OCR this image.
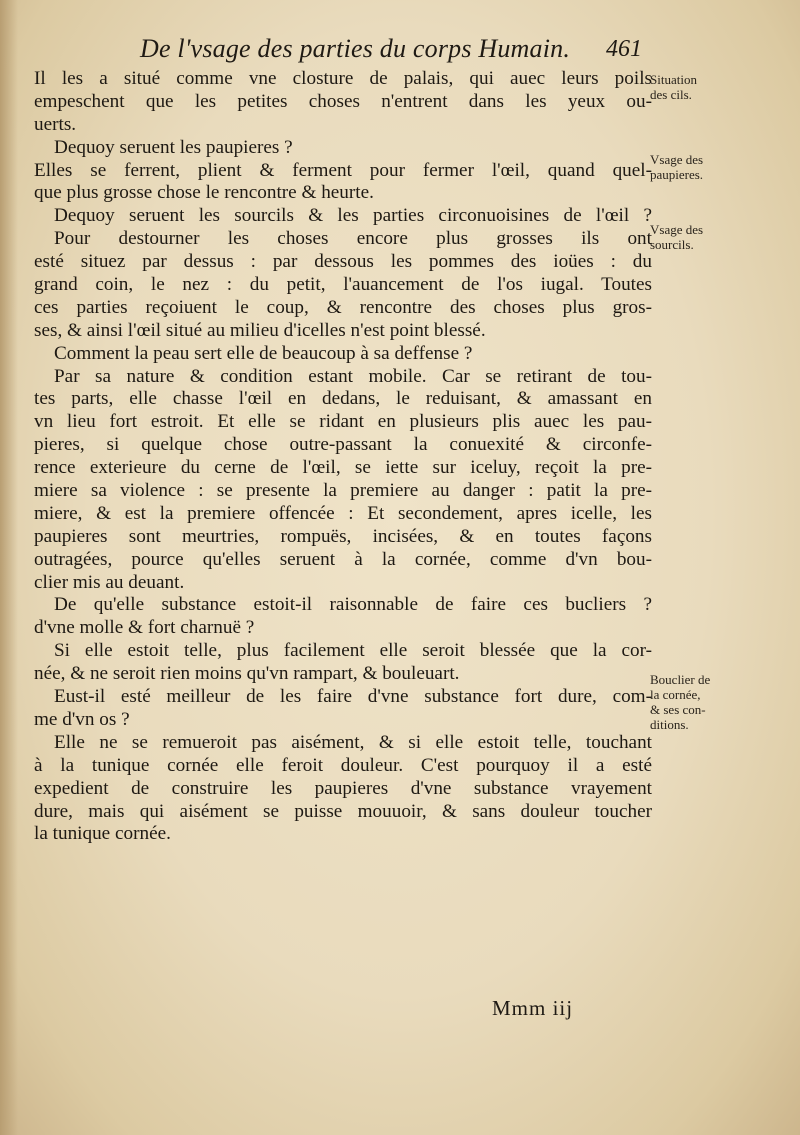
De l'vsage des parties du corps Humain. 461
Il les a situé comme vne closture de palais, qui auec leurs poils
empeschent que les petites choses n'entrent dans les yeux ou-
uerts.
Dequoy seruent les paupieres ?
Elles se ferrent, plient & ferment pour fermer l'œil, quand quel-
que plus grosse chose le rencontre & heurte.
Dequoy seruent les sourcils & les parties circonuoisines de l'œil ?
Pour destourner les choses encore plus grosses ils ont
esté situez par dessus : par dessous les pommes des ioües : du
grand coin, le nez : du petit, l'auancement de l'os iugal. Toutes
ces parties reçoiuent le coup, & rencontre des choses plus gros-
ses, & ainsi l'œil situé au milieu d'icelles n'est point blessé.
Comment la peau sert elle de beaucoup à sa deffense ?
Par sa nature & condition estant mobile. Car se retirant de tou-
tes parts, elle chasse l'œil en dedans, le reduisant, & amassant en
vn lieu fort estroit. Et elle se ridant en plusieurs plis auec les pau-
pieres, si quelque chose outre-passant la conuexité & circonfe-
rence exterieure du cerne de l'œil, se iette sur iceluy, reçoit la pre-
miere sa violence : se presente la premiere au danger : patit la pre-
miere, & est la premiere offencée : Et secondement, apres icelle, les
paupieres sont meurtries, rompuës, incisées, & en toutes façons
outragées, pource qu'elles seruent à la cornée, comme d'vn bou-
clier mis au deuant.
De qu'elle substance estoit-il raisonnable de faire ces bucliers ?
d'vne molle & fort charnuë ?
Si elle estoit telle, plus facilement elle seroit blessée que la cor-
née, & ne seroit rien moins qu'vn rampart, & bouleuart.
Eust-il esté meilleur de les faire d'vne substance fort dure, com-
me d'vn os ?
Elle ne se remueroit pas aisément, & si elle estoit telle, touchant
à la tunique cornée elle feroit douleur. C'est pourquoy il a esté
expedient de construire les paupieres d'vne substance vrayement
dure, mais qui aisément se puisse mouuoir, & sans douleur toucher
la tunique cornée.
Situation
des cils.
Vsage des
paupieres.
Vsage des
sourcils.
Bouclier de
la cornée,
& ses con-
ditions.
Mmm iij
